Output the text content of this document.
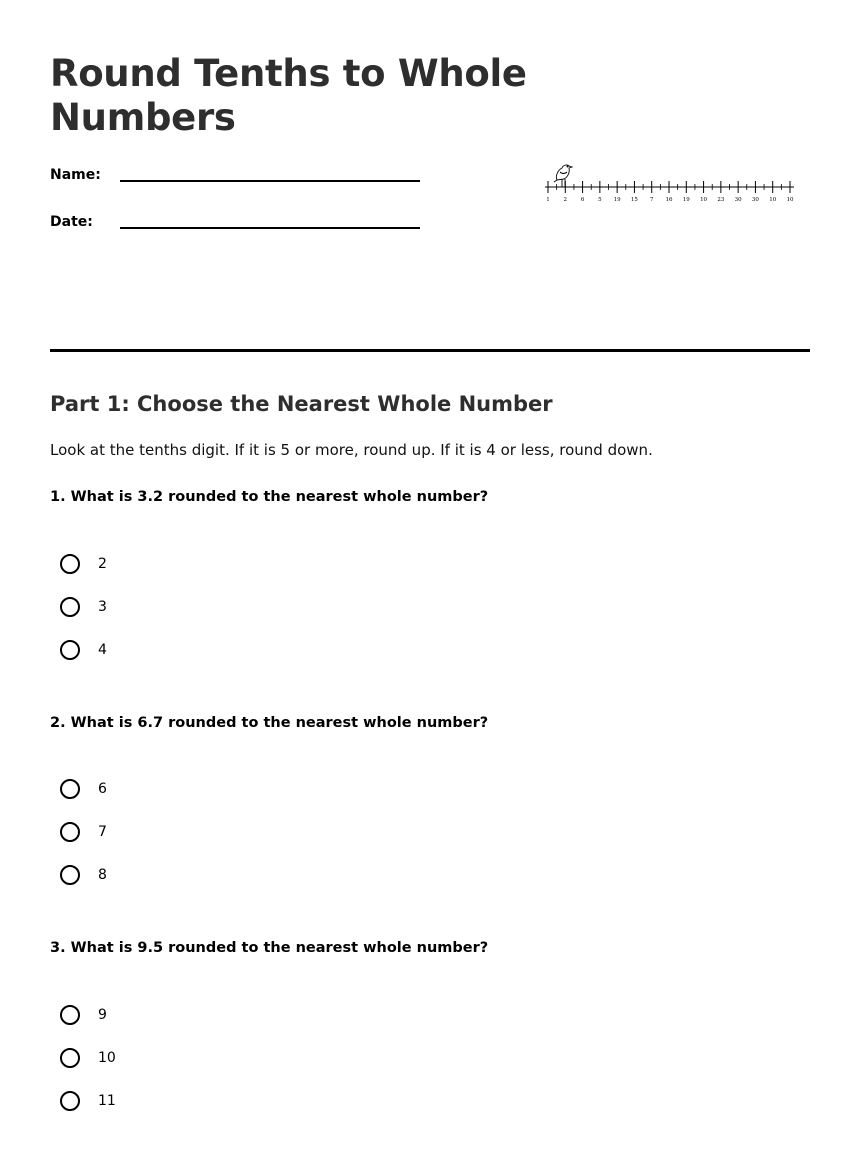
Round Tenths to Whole Numbers
Name:
Date:
1	2	6	5 19 15 7 16 19 10 23 30 30 10 10
Part 1: Choose the Nearest Whole Number

Look at the tenths digit. If it is 5 or more, round up. If it is 4 or less, round down.

1. What is 3.2 rounded to the nearest whole number?

2
3
4

2. What is 6.7 rounded to the nearest whole number?

6
7
8

3. What is 9.5 rounded to the nearest whole number?

9
10
11
